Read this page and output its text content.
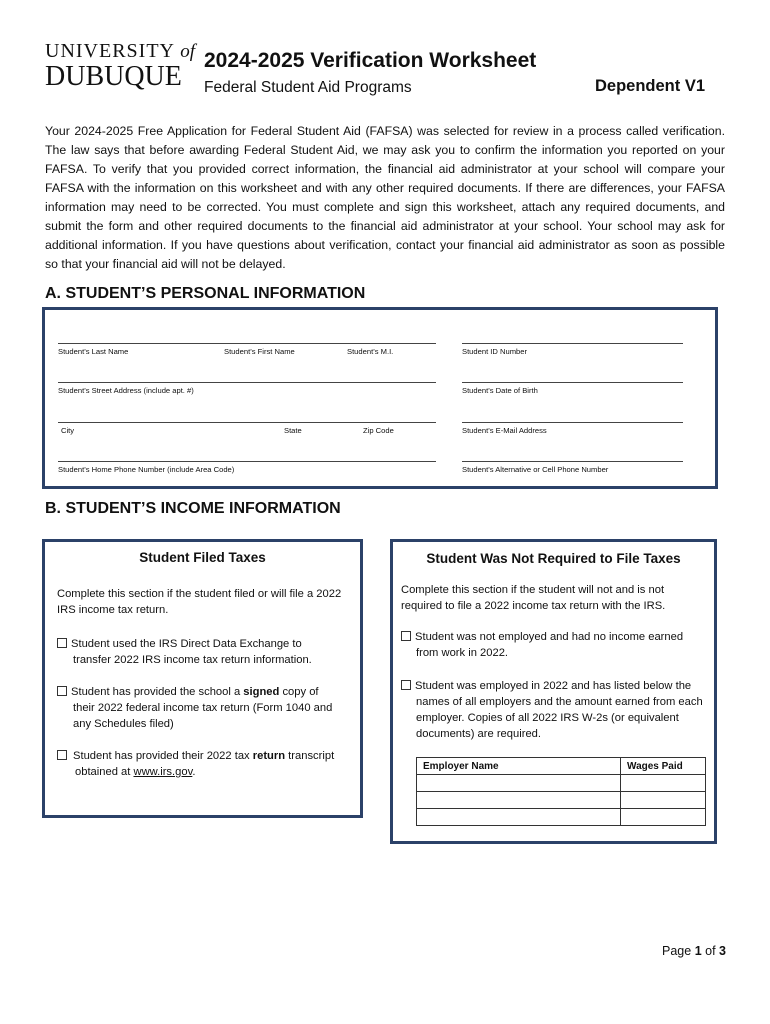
UNIVERSITY of
DUBUQUE
2024-2025 Verification Worksheet
Federal Student Aid Programs	Dependent V1

Your 2024-2025 Free Application for Federal Student Aid (FAFSA) was selected for review in a process called verification. The law says that before awarding Federal Student Aid, we may ask you to confirm the information you reported on your FAFSA. To verify that you provided correct information, the financial aid administrator at your school will compare your FAFSA with the information on this worksheet and with any other required documents. If there are differences, your FAFSA information may need to be corrected. You must complete and sign this worksheet, attach any required documents, and submit the form and other required documents to the financial aid administrator at your school. Your school may ask for additional information. If you have questions about verification, contact your financial aid administrator as soon as possible so that your financial aid will not be delayed.

A. STUDENT’S PERSONAL INFORMATION
Student’s Last Name	Student’s First Name	Student’s M.I.	Student ID Number
Student’s Street Address (include apt. #)	Student’s Date of Birth
City	State	Zip Code	Student’s E-Mail Address
Student’s Home Phone Number (include Area Code)	Student’s Alternative or Cell Phone Number
B. STUDENT’S INCOME INFORMATION
Student Filed Taxes
Complete this section if the student filed or will file a 2022 IRS income tax return.
Student used the IRS Direct Data Exchange to transfer 2022 IRS income tax return information.
Student has provided the school a signed copy of their 2022 federal income tax return (Form 1040 and any Schedules filed)
Student has provided their 2022 tax return transcript obtained at www.irs.gov.
Student Was Not Required to File Taxes
Complete this section if the student will not and is not required to file a 2022 income tax return with the IRS.
Student was not employed and had no income earned from work in 2022.
Student was employed in 2022 and has listed below the names of all employers and the amount earned from each employer. Copies of all 2022 IRS W-2s (or equivalent documents) are required.
Employer Name	Wages Paid

Page 1 of 3
